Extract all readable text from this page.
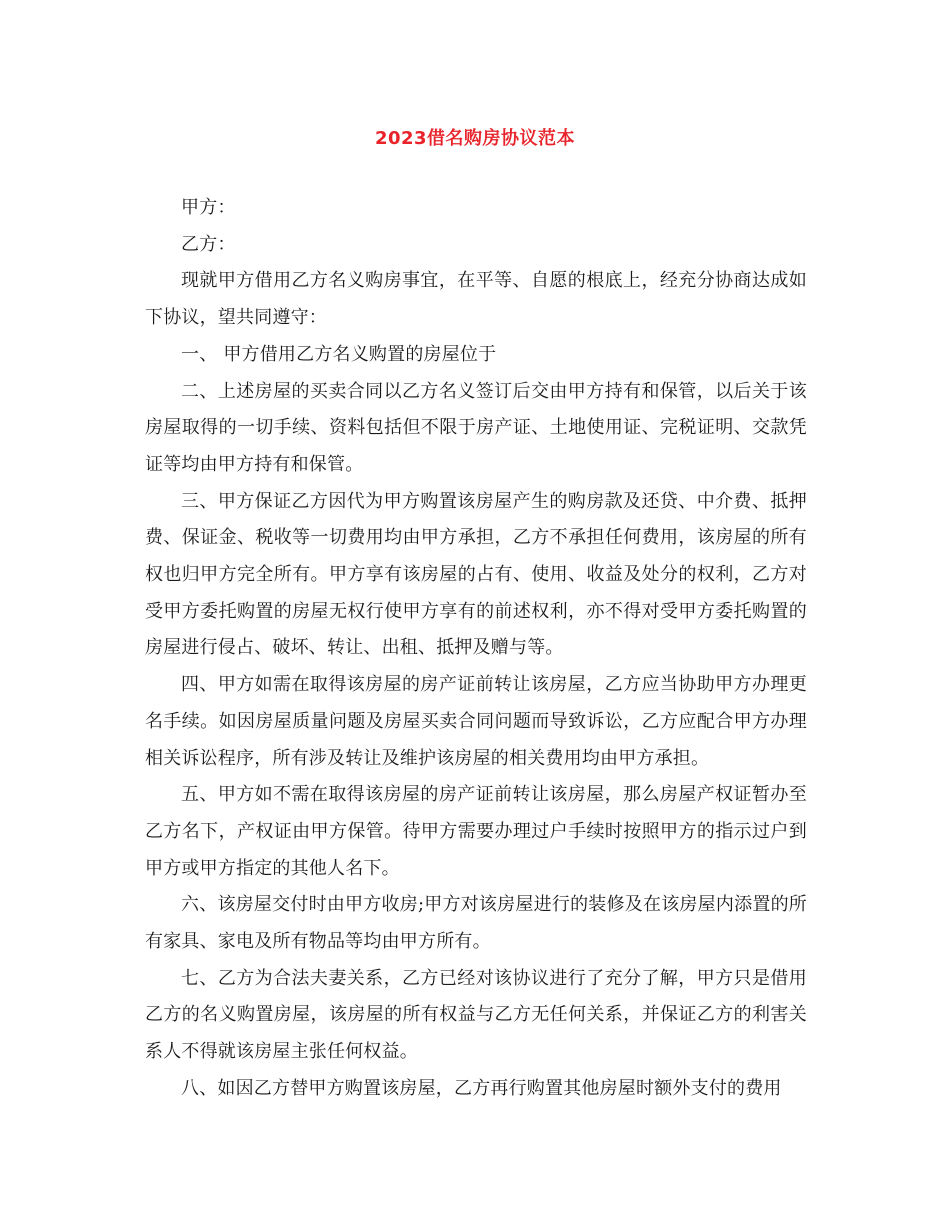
2023借名购房协议范本

甲方：

乙方：

现就甲方借用乙方名义购房事宜，在平等、自愿的根底上，经充分协商达成如下协议，望共同遵守：

一、 甲方借用乙方名义购置的房屋位于

二、上述房屋的买卖合同以乙方名义签订后交由甲方持有和保管，以后关于该房屋取得的一切手续、资料包括但不限于房产证、土地使用证、完税证明、交款凭证等均由甲方持有和保管。

三、甲方保证乙方因代为甲方购置该房屋产生的购房款及还贷、中介费、抵押费、保证金、税收等一切费用均由甲方承担，乙方不承担任何费用，该房屋的所有权也归甲方完全所有。甲方享有该房屋的占有、使用、收益及处分的权利，乙方对受甲方委托购置的房屋无权行使甲方享有的前述权利，亦不得对受甲方委托购置的房屋进行侵占、破坏、转让、出租、抵押及赠与等。

四、甲方如需在取得该房屋的房产证前转让该房屋，乙方应当协助甲方办理更名手续。如因房屋质量问题及房屋买卖合同问题而导致诉讼，乙方应配合甲方办理相关诉讼程序，所有涉及转让及维护该房屋的相关费用均由甲方承担。

五、甲方如不需在取得该房屋的房产证前转让该房屋，那么房屋产权证暂办至乙方名下，产权证由甲方保管。待甲方需要办理过户手续时按照甲方的指示过户到甲方或甲方指定的其他人名下。

六、该房屋交付时由甲方收房;甲方对该房屋进行的装修及在该房屋内添置的所有家具、家电及所有物品等均由甲方所有。

七、乙方为合法夫妻关系，乙方已经对该协议进行了充分了解，甲方只是借用乙方的名义购置房屋，该房屋的所有权益与乙方无任何关系，并保证乙方的利害关系人不得就该房屋主张任何权益。

八、如因乙方替甲方购置该房屋，乙方再行购置其他房屋时额外支付的费用
